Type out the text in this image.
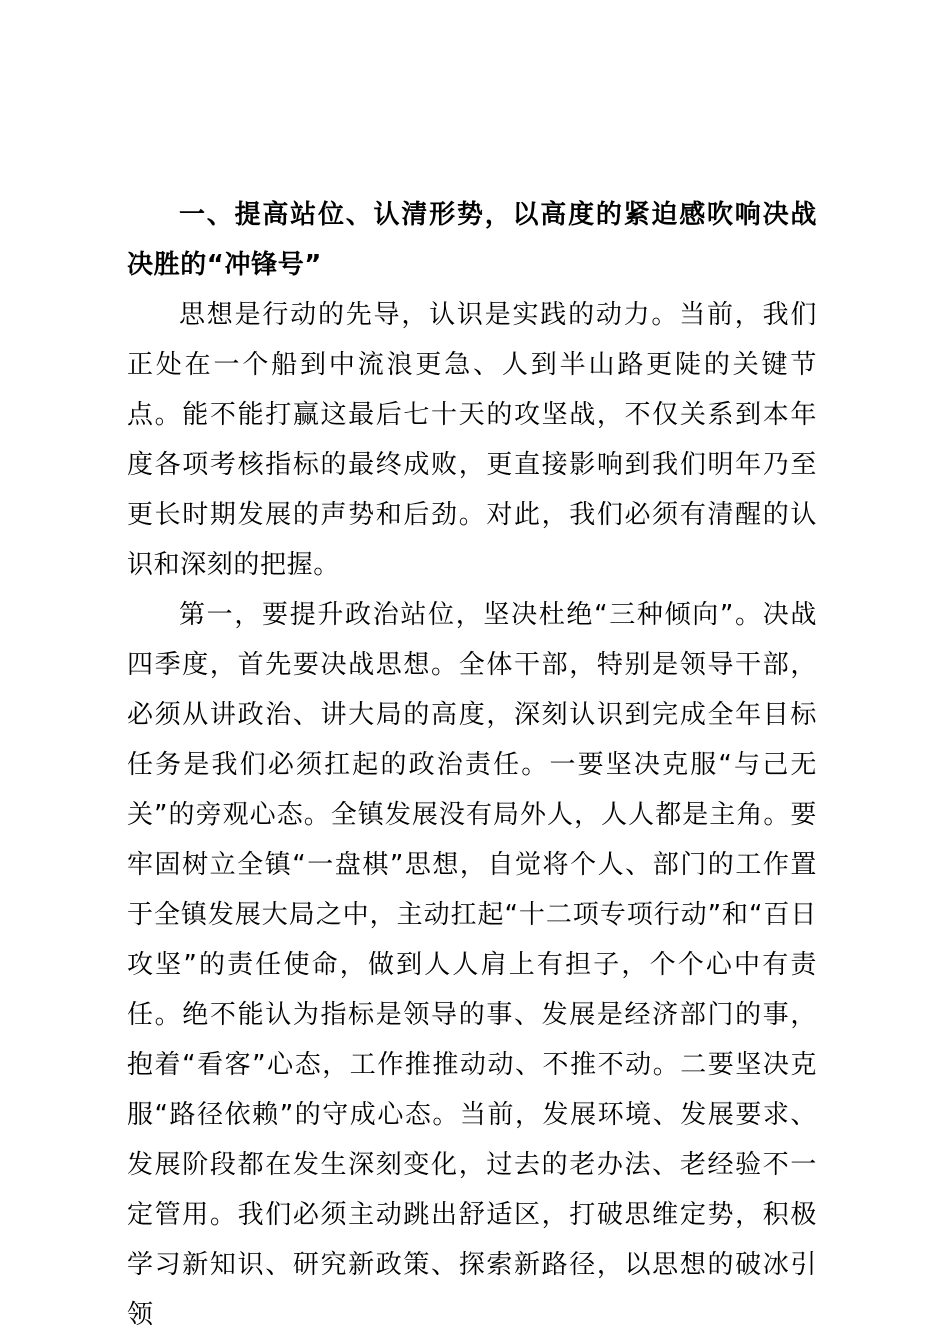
一、提高站位、认清形势，以高度的紧迫感吹响决战决胜的“冲锋号”

思想是行动的先导，认识是实践的动力。当前，我们正处在一个船到中流浪更急、人到半山路更陡的关键节点。能不能打赢这最后七十天的攻坚战，不仅关系到本年度各项考核指标的最终成败，更直接影响到我们明年乃至更长时期发展的声势和后劲。对此，我们必须有清醒的认识和深刻的把握。

第一，要提升政治站位，坚决杜绝“三种倾向”。决战四季度，首先要决战思想。全体干部，特别是领导干部，必须从讲政治、讲大局的高度，深刻认识到完成全年目标任务是我们必须扛起的政治责任。一要坚决克服“与己无关”的旁观心态。全镇发展没有局外人，人人都是主角。要牢固树立全镇“一盘棋”思想，自觉将个人、部门的工作置于全镇发展大局之中，主动扛起“十二项专项行动”和“百日攻坚”的责任使命，做到人人肩上有担子，个个心中有责任。绝不能认为指标是领导的事、发展是经济部门的事，抱着“看客”心态，工作推推动动、不推不动。二要坚决克服“路径依赖”的守成心态。当前，发展环境、发展要求、发展阶段都在发生深刻变化，过去的老办法、老经验不一定管用。我们必须主动跳出舒适区，打破思维定势，积极学习新知识、研究新政策、探索新路径，以思想的破冰引领
